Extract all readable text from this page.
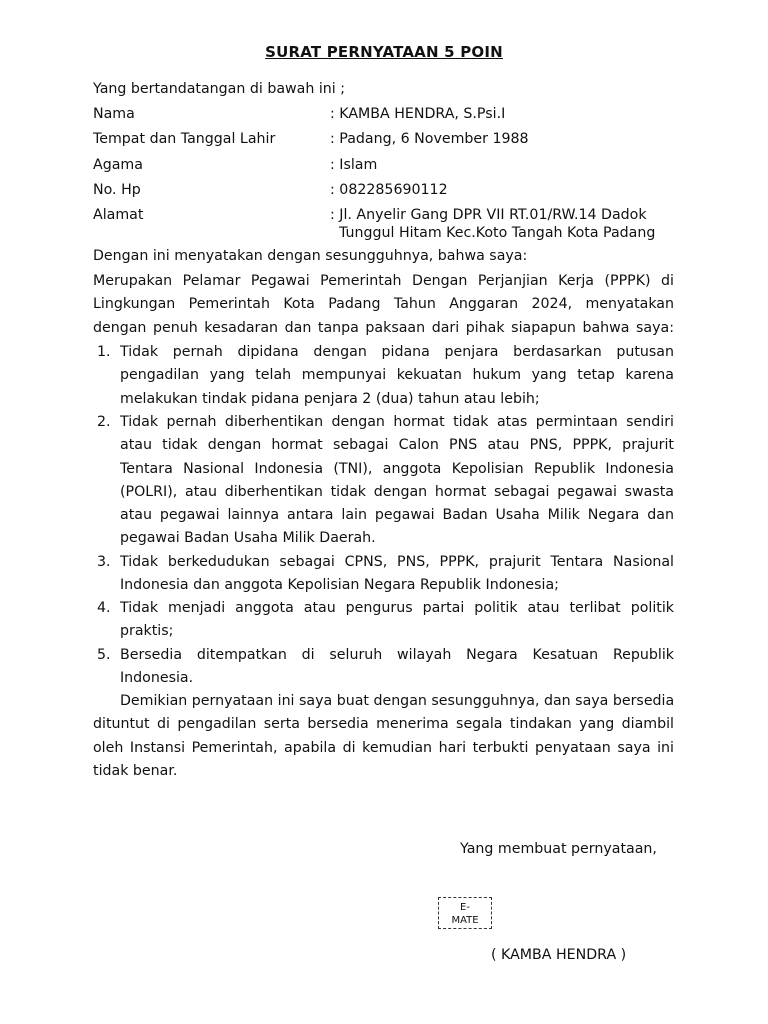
SURAT PERNYATAAN 5 POIN
Yang bertandatangan di bawah ini ;
Nama	: KAMBA HENDRA, S.Psi.I
Tempat dan Tanggal Lahir	: Padang, 6 November 1988
Agama	: Islam
No. Hp	: 082285690112
Alamat	: Jl. Anyelir Gang DPR VII RT.01/RW.14 Dadok
Tunggul Hitam Kec.Koto Tangah Kota Padang
Dengan ini menyatakan dengan sesungguhnya, bahwa saya:
Merupakan Pelamar Pegawai Pemerintah Dengan Perjanjian Kerja (PPPK) di
Lingkungan Pemerintah Kota Padang Tahun Anggaran 2024, menyatakan
dengan penuh kesadaran dan tanpa paksaan dari pihak siapapun bahwa saya:
1. Tidak pernah dipidana dengan pidana penjara berdasarkan putusan
pengadilan yang telah mempunyai kekuatan hukum yang tetap karena
melakukan tindak pidana penjara 2 (dua) tahun atau lebih;
2. Tidak pernah diberhentikan dengan hormat tidak atas permintaan sendiri
atau tidak dengan hormat sebagai Calon PNS atau PNS, PPPK, prajurit
Tentara Nasional Indonesia (TNI), anggota Kepolisian Republik Indonesia
(POLRI), atau diberhentikan tidak dengan hormat sebagai pegawai swasta
atau pegawai lainnya antara lain pegawai Badan Usaha Milik Negara dan
pegawai Badan Usaha Milik Daerah.
3. Tidak berkedudukan sebagai CPNS, PNS, PPPK, prajurit Tentara Nasional
Indonesia dan anggota Kepolisian Negara Republik Indonesia;
4. Tidak menjadi anggota atau pengurus partai politik atau terlibat politik
praktis;
5. Bersedia ditempatkan di seluruh wilayah Negara Kesatuan Republik
Indonesia.
Demikian pernyataan ini saya buat dengan sesungguhnya, dan saya bersedia
dituntut di pengadilan serta bersedia menerima segala tindakan yang diambil
oleh Instansi Pemerintah, apabila di kemudian hari terbukti penyataan saya ini
tidak benar.
Yang membuat pernyataan,
E-
MATE
( KAMBA HENDRA )
